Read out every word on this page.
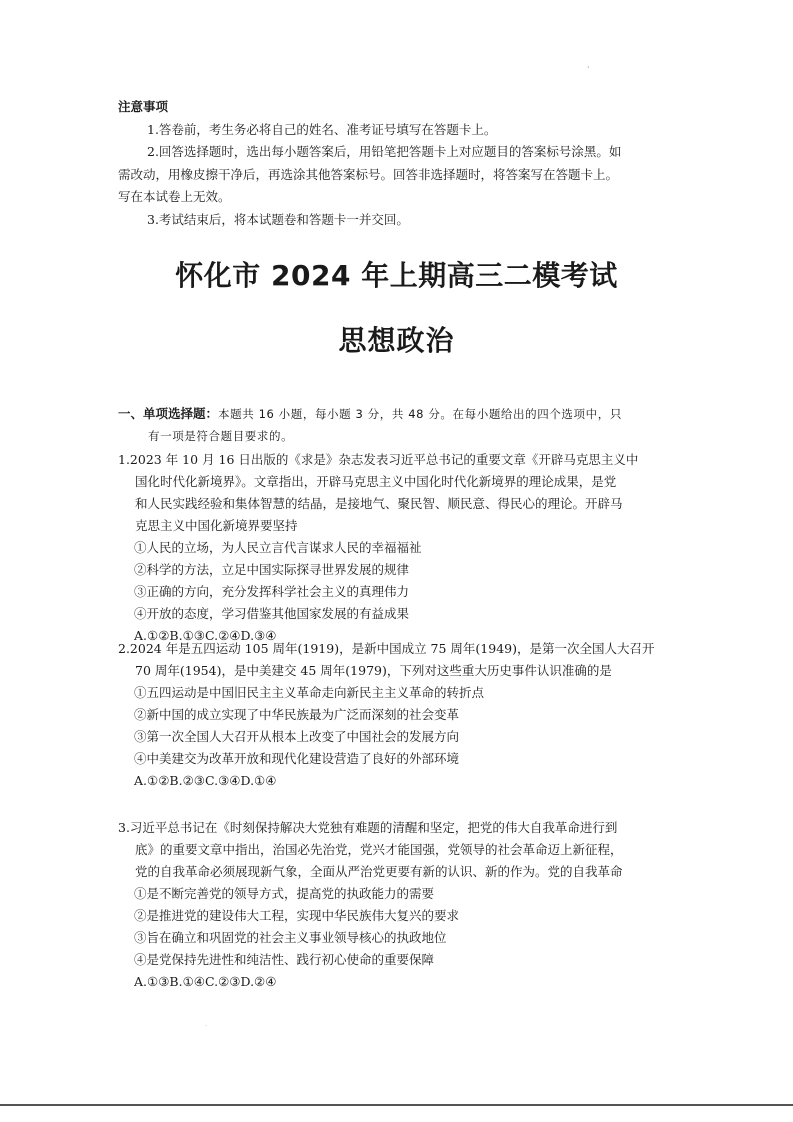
·

注意事项

1.答卷前，考生务必将自己的姓名、准考证号填写在答题卡上。

2.回答选择题时，选出每小题答案后，用铅笔把答题卡上对应题目的答案标号涂黑。如

需改动，用橡皮擦干净后，再选涂其他答案标号。回答非选择题时，将答案写在答题卡上。

写在本试卷上无效。

3.考试结束后，将本试题卷和答题卡一并交回。

怀化市 2024 年上期高三二模考试
思想政治
一、单项选择题：本题共 16 小题，每小题 3 分，共 48 分。在每小题给出的四个选项中，只
有一项是符合题目要求的。

1.2023 年 10 月 16 日出版的《求是》杂志发表习近平总书记的重要文章《开辟马克思主义中

国化时代化新境界》。文章指出，开辟马克思主义中国化时代化新境界的理论成果，是党

和人民实践经验和集体智慧的结晶，是接地气、聚民智、顺民意、得民心的理论。开辟马

克思主义中国化新境界要坚持

①人民的立场，为人民立言代言谋求人民的幸福福祉

②科学的方法，立足中国实际探寻世界发展的规律

③正确的方向，充分发挥科学社会主义的真理伟力

④开放的态度，学习借鉴其他国家发展的有益成果

A.①②B.①③C.②④D.③④

2.2024 年是五四运动 105 周年(1919)，是新中国成立 75 周年(1949)，是第一次全国人大召开

70 周年(1954)，是中美建交 45 周年(1979)，下列对这些重大历史事件认识准确的是

①五四运动是中国旧民主主义革命走向新民主主义革命的转折点

②新中国的成立实现了中华民族最为广泛而深刻的社会变革

③第一次全国人大召开从根本上改变了中国社会的发展方向

④中美建交为改革开放和现代化建设营造了良好的外部环境

A.①②B.②③C.③④D.①④

3.习近平总书记在《时刻保持解决大党独有难题的清醒和坚定，把党的伟大自我革命进行到

底》的重要文章中指出，治国必先治党，党兴才能国强，党领导的社会革命迈上新征程，

党的自我革命必须展现新气象，全面从严治党更要有新的认识、新的作为。党的自我革命

①是不断完善党的领导方式，提高党的执政能力的需要

②是推进党的建设伟大工程，实现中华民族伟大复兴的要求

③旨在确立和巩固党的社会主义事业领导核心的执政地位

④是党保持先进性和纯洁性、践行初心使命的重要保障

A.①③B.①④C.②③D.②④

·
